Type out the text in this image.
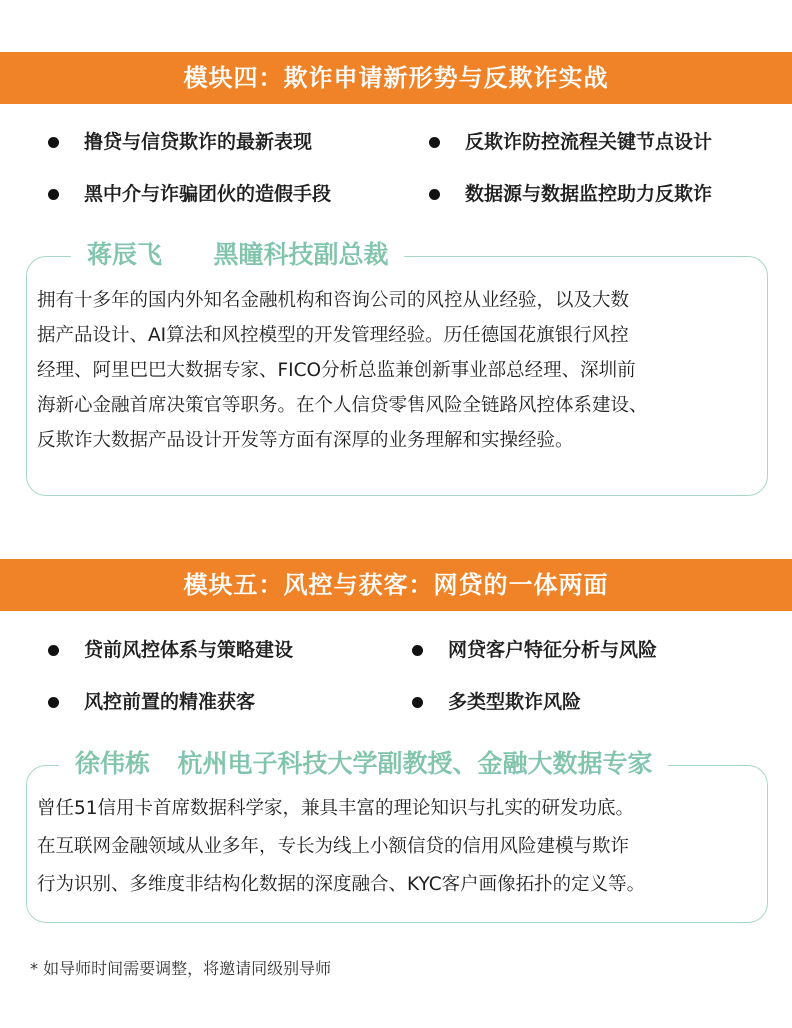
模块四：欺诈申请新形势与反欺诈实战
撸贷与信贷欺诈的最新表现	反欺诈防控流程关键节点设计
黑中介与诈骗团伙的造假手段	数据源与数据监控助力反欺诈
蒋辰飞 黑瞳科技副总裁
拥有十多年的国内外知名金融机构和咨询公司的风控从业经验，以及大数
据产品设计、AI算法和风控模型的开发管理经验。历任德国花旗银行风控
经理、阿里巴巴大数据专家、FICO分析总监兼创新事业部总经理、深圳前
海新心金融首席决策官等职务。在个人信贷零售风险全链路风控体系建设、
反欺诈大数据产品设计开发等方面有深厚的业务理解和实操经验。
模块五：风控与获客：网贷的一体两面
贷前风控体系与策略建设	网贷客户特征分析与风险
风控前置的精准获客	多类型欺诈风险
徐伟栋 杭州电子科技大学副教授、金融大数据专家
曾任51信用卡首席数据科学家，兼具丰富的理论知识与扎实的研发功底。
在互联网金融领域从业多年，专长为线上小额信贷的信用风险建模与欺诈
行为识别、多维度非结构化数据的深度融合、KYC客户画像拓扑的定义等。
* 如导师时间需要调整，将邀请同级别导师
